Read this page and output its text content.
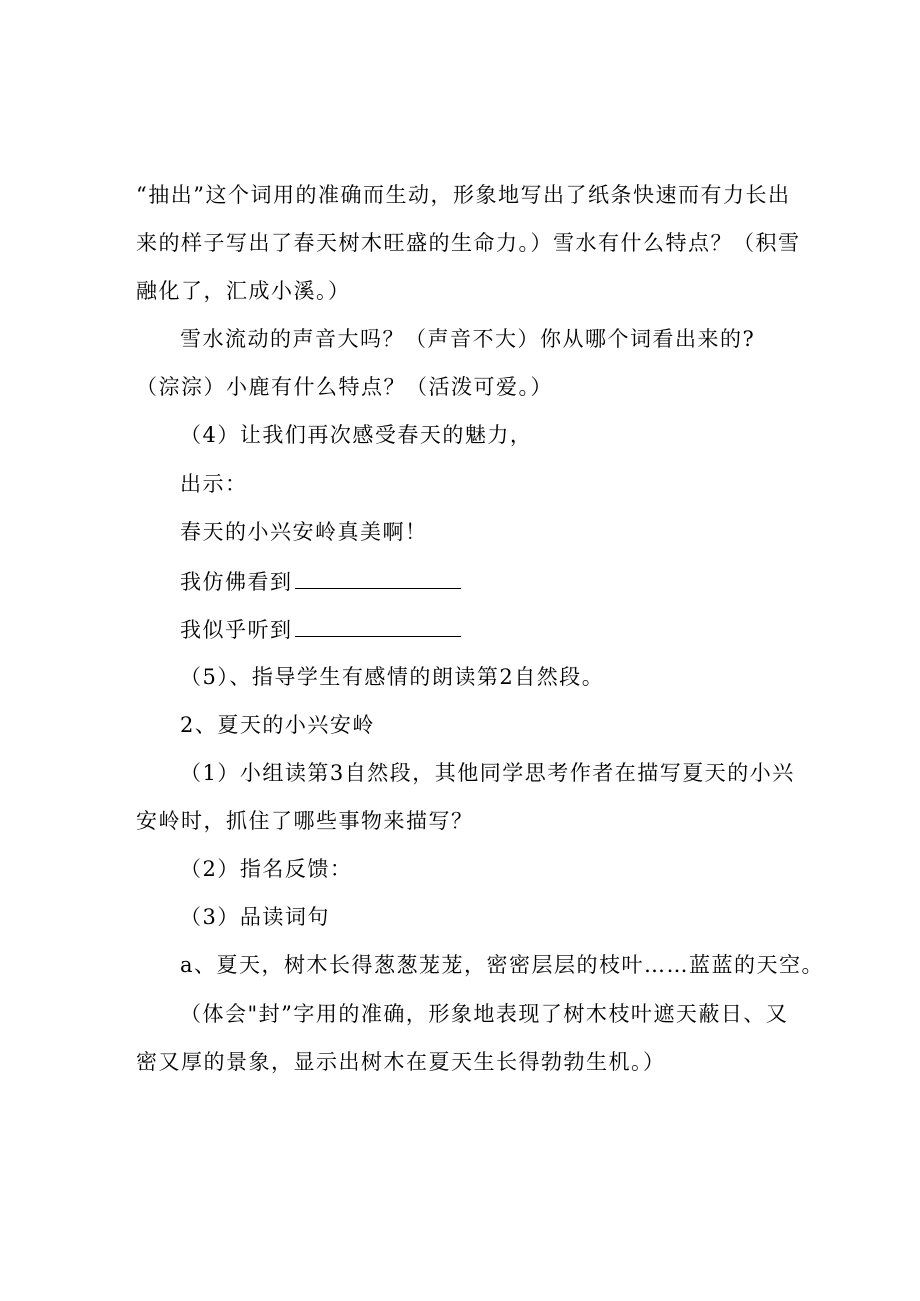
“抽出”这个词用的准确而生动，形象地写出了纸条快速而有力长出
来的样子写出了春天树木旺盛的生命力。）雪水有什么特点？（积雪
融化了，汇成小溪。）
雪水流动的声音大吗？（声音不大）你从哪个词看出来的?
（淙淙）小鹿有什么特点？（活泼可爱。）
（4）让我们再次感受春天的魅力，
出示：
春天的小兴安岭真美啊！
我仿佛看到
我似乎听到
（5）、指导学生有感情的朗读第2自然段。
2、夏天的小兴安岭
（1）小组读第3自然段，其他同学思考作者在描写夏天的小兴
安岭时，抓住了哪些事物来描写？
（2）指名反馈：
（3）品读词句
a、夏天，树木长得葱葱茏茏，密密层层的枝叶……蓝蓝的天空。
（体会"封”字用的准确，形象地表现了树木枝叶遮天蔽日、又
密又厚的景象，显示出树木在夏天生长得勃勃生机。）
